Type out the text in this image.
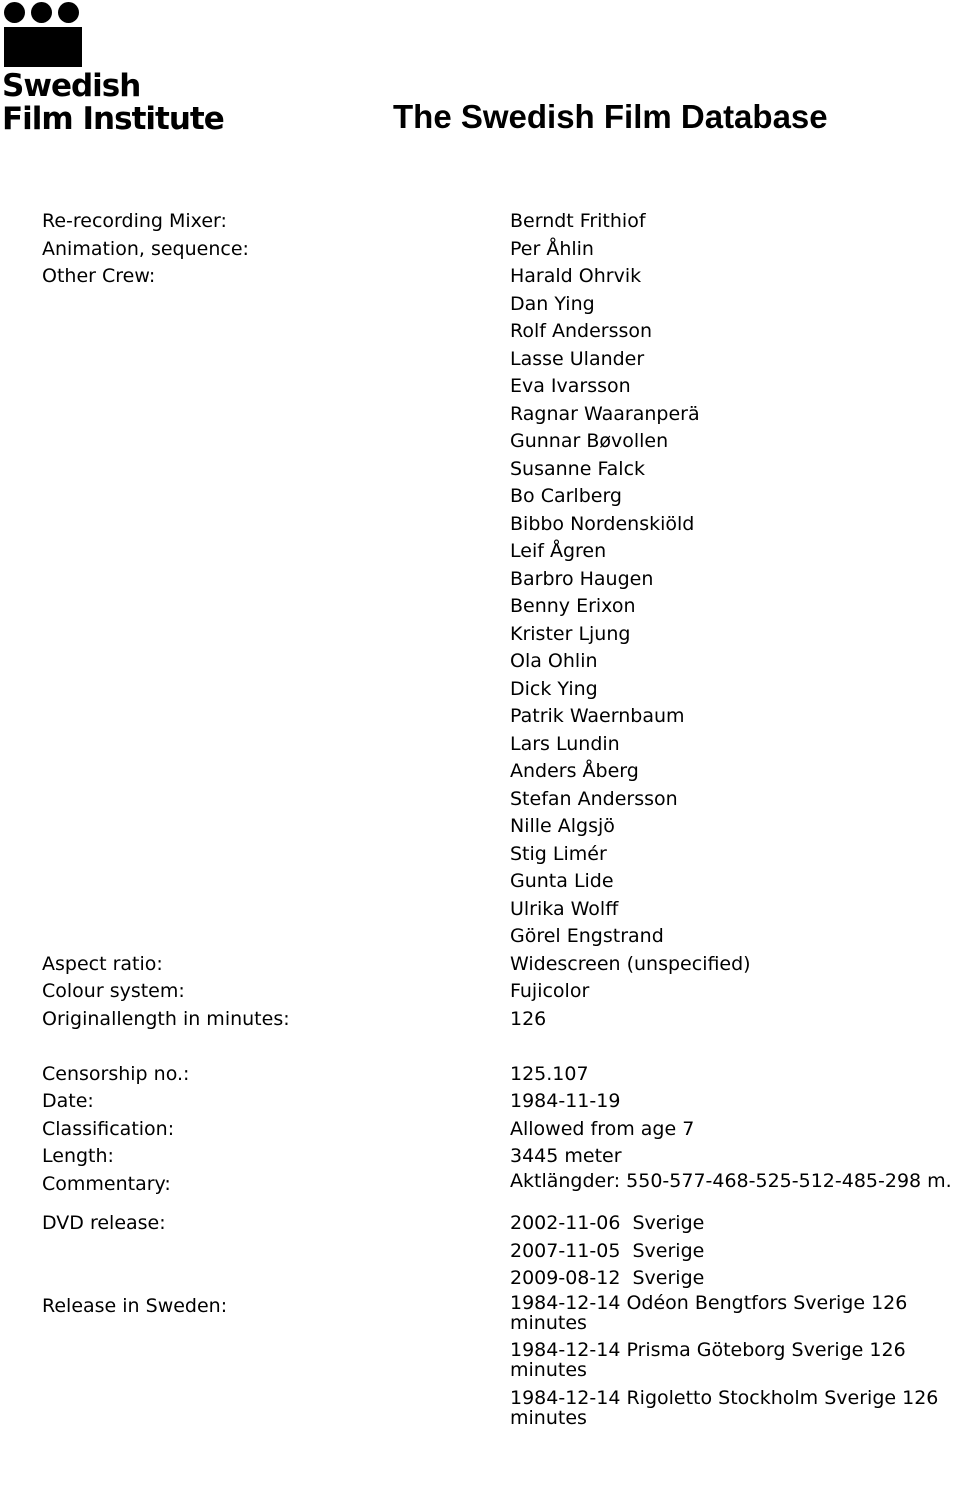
Swedish
Film Institute	The Swedish Film Database
Re-recording Mixer:	Berndt Frithiof
Animation, sequence:	Per Åhlin
Other Crew:	Harald Ohrvik
Dan Ying
Rolf Andersson
Lasse Ulander
Eva Ivarsson
Ragnar Waaranperä
Gunnar Bøvollen
Susanne Falck
Bo Carlberg
Bibbo Nordenskiöld
Leif Ågren
Barbro Haugen
Benny Erixon
Krister Ljung
Ola Ohlin
Dick Ying
Patrik Waernbaum
Lars Lundin
Anders Åberg
Stefan Andersson
Nille Algsjö
Stig Limér
Gunta Lide
Ulrika Wolff
Görel Engstrand
Aspect ratio:	Widescreen (unspecified)
Colour system:	Fujicolor
Originallength in minutes:	126
Censorship no.:	125.107
Date:	1984-11-19
Classification:	Allowed from age 7
Length:	3445 meter
Commentary:	Aktlängder: 550-577-468-525-512-485-298 m.
DVD release:	2002-11-06  Sverige
2007-11-05  Sverige
2009-08-12  Sverige
Release in Sweden:	1984-12-14 Odéon Bengtfors Sverige 126 minutes
1984-12-14 Prisma Göteborg Sverige 126 minutes
1984-12-14 Rigoletto Stockholm Sverige 126 minutes
